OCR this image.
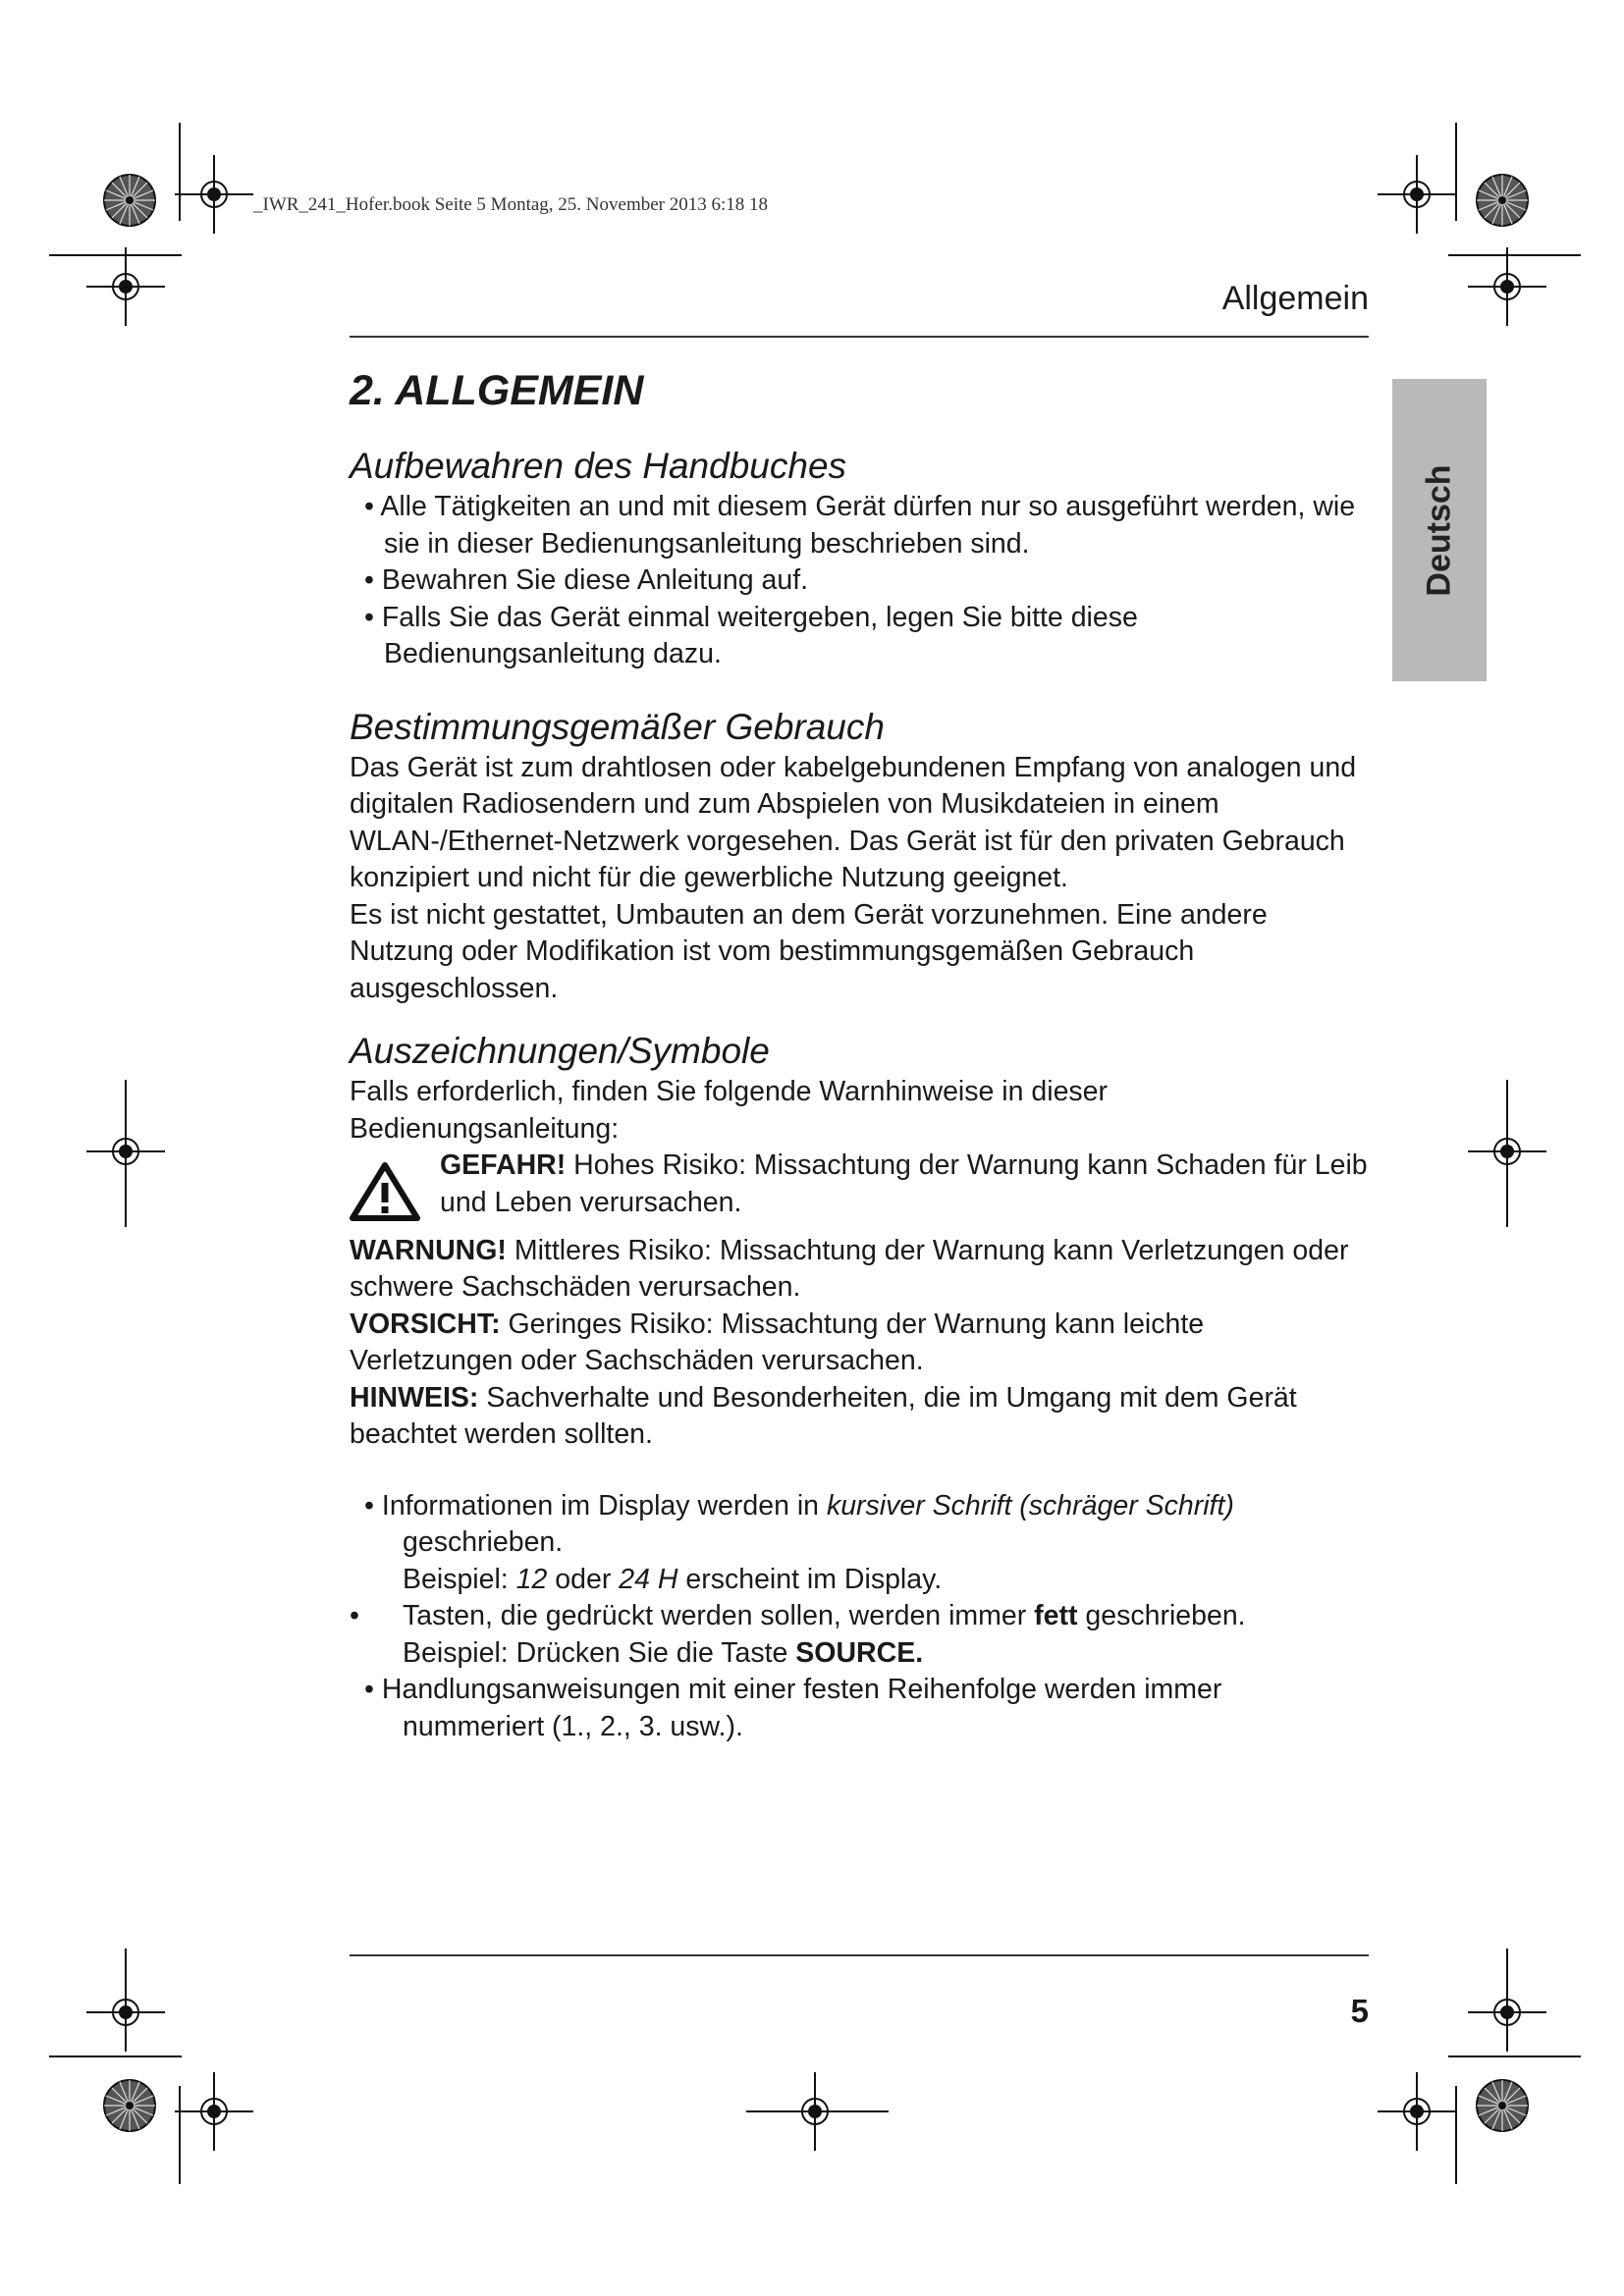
_IWR_241_Hofer.book Seite 5 Montag, 25. November 2013 6:18 18
Allgemein
Deutsch
2. ALLGEMEIN
Aufbewahren des Handbuches

• Alle Tätigkeiten an und mit diesem Gerät dürfen nur so ausgeführt werden, wie sie in dieser Bedienungsanleitung beschrieben sind.

• Bewahren Sie diese Anleitung auf.

• Falls Sie das Gerät einmal weitergeben, legen Sie bitte diese Bedienungsanleitung dazu.

Bestimmungsgemäßer Gebrauch

Das Gerät ist zum drahtlosen oder kabelgebundenen Empfang von analogen und digitalen Radiosendern und zum Abspielen von Musikdateien in einem WLAN-/Ethernet-Netzwerk vorgesehen. Das Gerät ist für den privaten Gebrauch konzipiert und nicht für die gewerbliche Nutzung geeignet.

Es ist nicht gestattet, Umbauten an dem Gerät vorzunehmen. Eine andere Nutzung oder Modifikation ist vom bestimmungsgemäßen Gebrauch ausgeschlossen.

Auszeichnungen/Symbole

Falls erforderlich, finden Sie folgende Warnhinweise in dieser Bedienungsanleitung:

GEFAHR! Hohes Risiko: Missachtung der Warnung kann Schaden für Leib und Leben verursachen.

WARNUNG! Mittleres Risiko: Missachtung der Warnung kann Verletzungen oder schwere Sachschäden verursachen.

VORSICHT: Geringes Risiko: Missachtung der Warnung kann leichte Verletzungen oder Sachschäden verursachen.

HINWEIS: Sachverhalte und Besonderheiten, die im Umgang mit dem Gerät beachtet werden sollten.

• Informationen im Display werden in kursiver Schrift (schräger Schrift)

geschrieben.

Beispiel: 12 oder 24 H erscheint im Display.

• Tasten, die gedrückt werden sollen, werden immer fett geschrieben.

Beispiel: Drücken Sie die Taste SOURCE.

• Handlungsanweisungen mit einer festen Reihenfolge werden immer

nummeriert (1., 2., 3. usw.).

5
